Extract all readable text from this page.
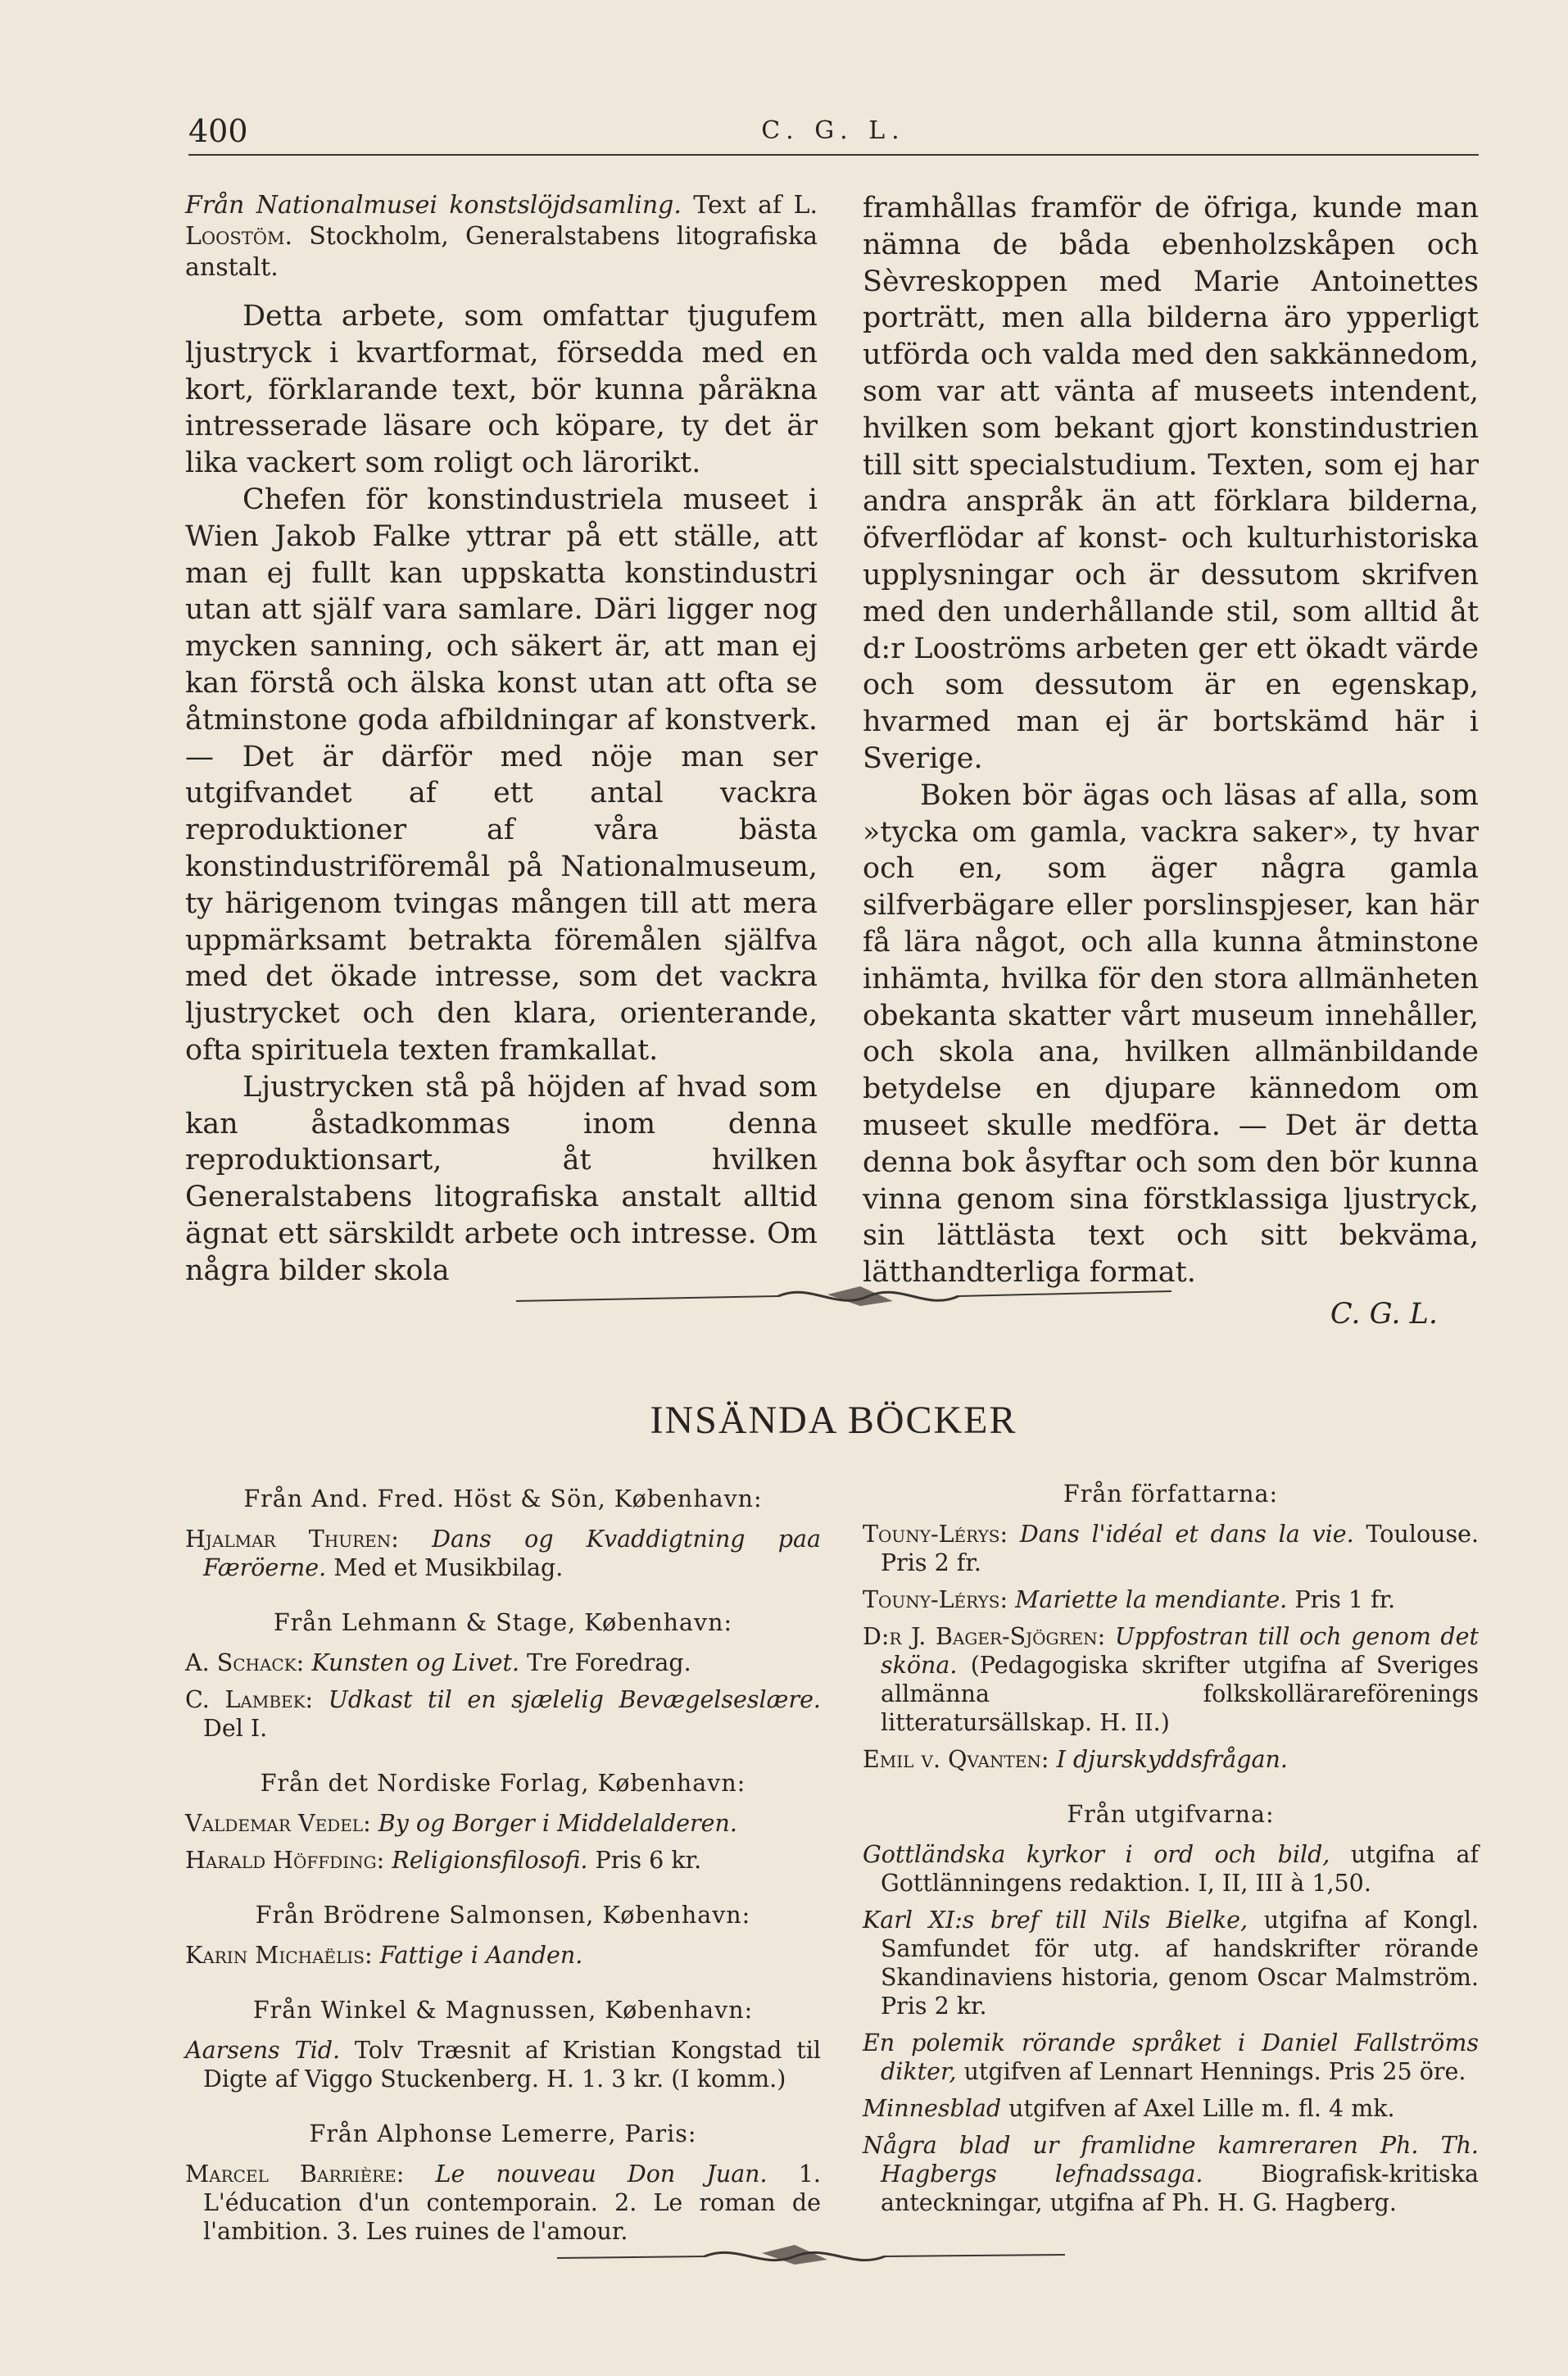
400	C. G. L.

Från Nationalmusei konstslöjdsamling. Text af L. Loostöm. Stockholm, Generalstabens litografiska anstalt.

Detta arbete, som omfattar tjugufem ljustryck i kvartformat, försedda med en kort, förklarande text, bör kunna påräkna intresserade läsare och köpare, ty det är lika vackert som roligt och lärorikt.

Chefen för konstindustriela museet i Wien Jakob Falke yttrar på ett ställe, att man ej fullt kan uppskatta konstindustri utan att själf vara samlare. Däri ligger nog mycken sanning, och säkert är, att man ej kan förstå och älska konst utan att ofta se åtminstone goda afbildningar af konstverk. — Det är därför med nöje man ser utgifvandet af ett antal vackra reproduktioner af våra bästa konstindustriföremål på Nationalmuseum, ty härigenom tvingas mången till att mera uppmärksamt betrakta föremålen själfva med det ökade intresse, som det vackra ljustrycket och den klara, orienterande, ofta spirituela texten framkallat.

Ljustrycken stå på höjden af hvad som kan åstadkommas inom denna reproduktionsart, åt hvilken Generalstabens litografiska anstalt alltid ägnat ett särskildt arbete och intresse. Om några bilder skola

framhållas framför de öfriga, kunde man nämna de båda ebenholzskåpen och Sèvreskoppen med Marie Antoinettes porträtt, men alla bilderna äro ypperligt utförda och valda med den sakkännedom, som var att vänta af museets intendent, hvilken som bekant gjort konstindustrien till sitt specialstudium. Texten, som ej har andra anspråk än att förklara bilderna, öfverflödar af konst- och kulturhistoriska upplysningar och är dessutom skrifven med den underhållande stil, som alltid åt d:r Looströms arbeten ger ett ökadt värde och som dessutom är en egenskap, hvarmed man ej är bortskämd här i Sverige.

Boken bör ägas och läsas af alla, som »tycka om gamla, vackra saker», ty hvar och en, som äger några gamla silfverbägare eller porslinspjeser, kan här få lära något, och alla kunna åtminstone inhämta, hvilka för den stora allmänheten obekanta skatter vårt museum innehåller, och skola ana, hvilken allmänbildande betydelse en djupare kännedom om museet skulle medföra. — Det är detta denna bok åsyftar och som den bör kunna vinna genom sina förstklassiga ljustryck, sin lättlästa text och sitt bekväma, lätthandterliga format.

C. G. L.

INSÄNDA BÖCKER

Från And. Fred. Höst & Sön, København:

Hjalmar Thuren: Dans og Kvaddigtning paa Færöerne. Med et Musikbilag.

Från Lehmann & Stage, København:

A. Schack: Kunsten og Livet. Tre Foredrag.

C. Lambek: Udkast til en sjælelig Bevægelseslære. Del I.

Från det Nordiske Forlag, København:

Valdemar Vedel: By og Borger i Middelalderen.

Harald Höffding: Religionsfilosofi. Pris 6 kr.

Från Brödrene Salmonsen, København:

Karin Michaëlis: Fattige i Aanden.

Från Winkel & Magnussen, København:

Aarsens Tid. Tolv Træsnit af Kristian Kongstad til Digte af Viggo Stuckenberg. H. 1. 3 kr. (I komm.)

Från Alphonse Lemerre, Paris:

Marcel Barrière: Le nouveau Don Juan. 1. L'éducation d'un contemporain. 2. Le roman de l'ambition. 3. Les ruines de l'amour.

Från författarna:

Touny-Lérys: Dans l'idéal et dans la vie. Toulouse. Pris 2 fr.

Touny-Lérys: Mariette la mendiante. Pris 1 fr.

D:r J. Bager-Sjögren: Uppfostran till och genom det sköna. (Pedagogiska skrifter utgifna af Sveriges allmänna folkskollärareförenings litteratursällskap. H. II.)

Emil v. Qvanten: I djurskyddsfrågan.

Från utgifvarna:

Gottländska kyrkor i ord och bild, utgifna af Gottlänningens redaktion. I, II, III à 1,50.

Karl XI:s bref till Nils Bielke, utgifna af Kongl. Samfundet för utg. af handskrifter rörande Skandinaviens historia, genom Oscar Malmström. Pris 2 kr.

En polemik rörande språket i Daniel Fallströms dikter, utgifven af Lennart Hennings. Pris 25 öre.

Minnesblad utgifven af Axel Lille m. fl. 4 mk.

Några blad ur framlidne kamreraren Ph. Th. Hagbergs lefnadssaga. Biografisk-kritiska anteckningar, utgifna af Ph. H. G. Hagberg.
